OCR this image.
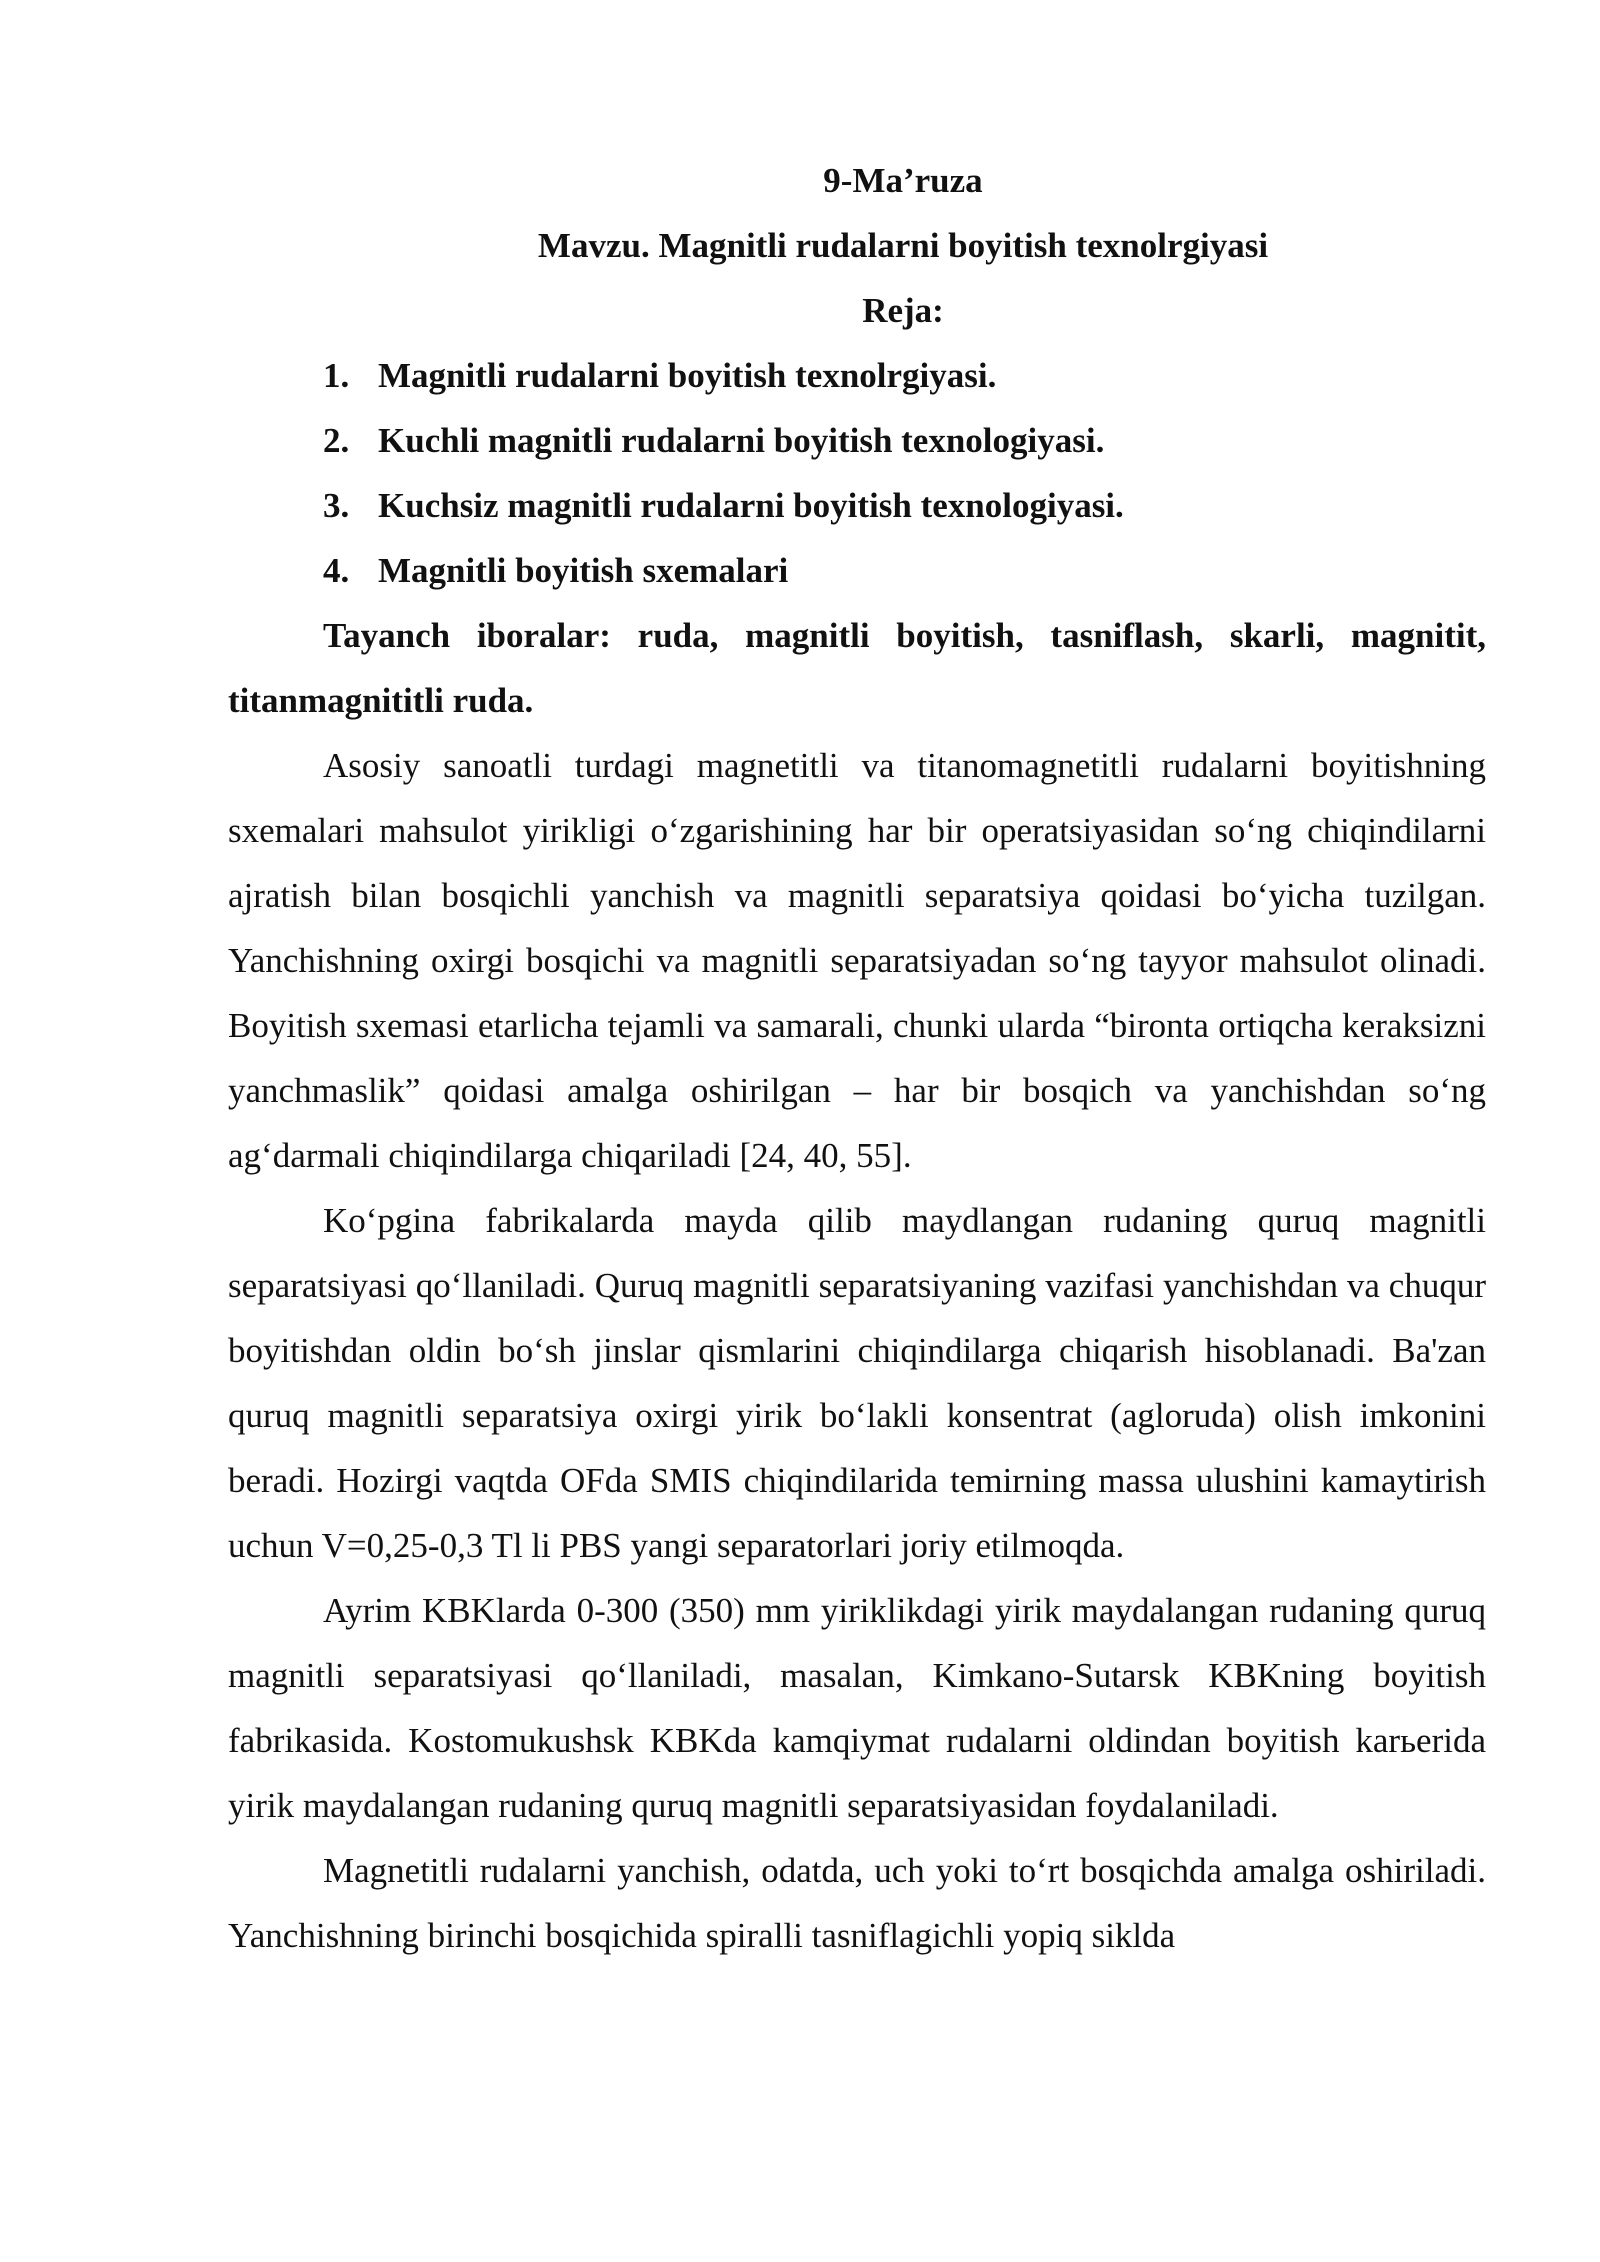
9-Ma’ruza
Mavzu. Magnitli rudalarni boyitish texnolrgiyasi
Reja:
1. Magnitli rudalarni boyitish texnolrgiyasi.
2. Kuchli magnitli rudalarni boyitish texnologiyasi.
3. Kuchsiz magnitli rudalarni boyitish texnologiyasi.
4. Magnitli boyitish sxemalari

Tayanch iboralar: ruda, magnitli boyitish, tasniflash, skarli, magnitit, titanmagnititli ruda.

Asosiy sanoatli turdagi magnetitli va titanomagnetitli rudalarni boyitishning sxemalari mahsulot yirikligi o‘zgarishining har bir operatsiyasidan so‘ng chiqindilarni ajratish bilan bosqichli yanchish va magnitli separatsiya qoidasi bo‘yicha tuzilgan. Yanchishning oxirgi bosqichi va magnitli separatsiyadan so‘ng tayyor mahsulot olinadi. Boyitish sxemasi etarlicha tejamli va samarali, chunki ularda “bironta ortiqcha keraksizni yanchmaslik” qoidasi amalga oshirilgan – har bir bosqich va yanchishdan so‘ng ag‘darmali chiqindilarga chiqariladi [24, 40, 55].

Ko‘pgina fabrikalarda mayda qilib maydlangan rudaning quruq magnitli separatsiyasi qo‘llaniladi. Quruq magnitli separatsiyaning vazifasi yanchishdan va chuqur boyitishdan oldin bo‘sh jinslar qismlarini chiqindilarga chiqarish hisoblanadi. Ba'zan quruq magnitli separatsiya oxirgi yirik bo‘lakli konsentrat (agloruda) olish imkonini beradi. Hozirgi vaqtda OFda SMIS chiqindilarida temirning massa ulushini kamaytirish uchun V=0,25-0,3 Tl li PBS yangi separatorlari joriy etilmoqda.

Ayrim KBKlarda 0-300 (350) mm yiriklikdagi yirik maydalangan rudaning quruq magnitli separatsiyasi qo‘llaniladi, masalan, Kimkano-Sutarsk KBKning boyitish fabrikasida. Kostomukushsk KBKda kamqiymat rudalarni oldindan boyitish karьerida yirik maydalangan rudaning quruq magnitli separatsiyasidan foydalaniladi.

Magnetitli rudalarni yanchish, odatda, uch yoki to‘rt bosqichda amalga oshiriladi. Yanchishning birinchi bosqichida spiralli tasniflagichli yopiq siklda
